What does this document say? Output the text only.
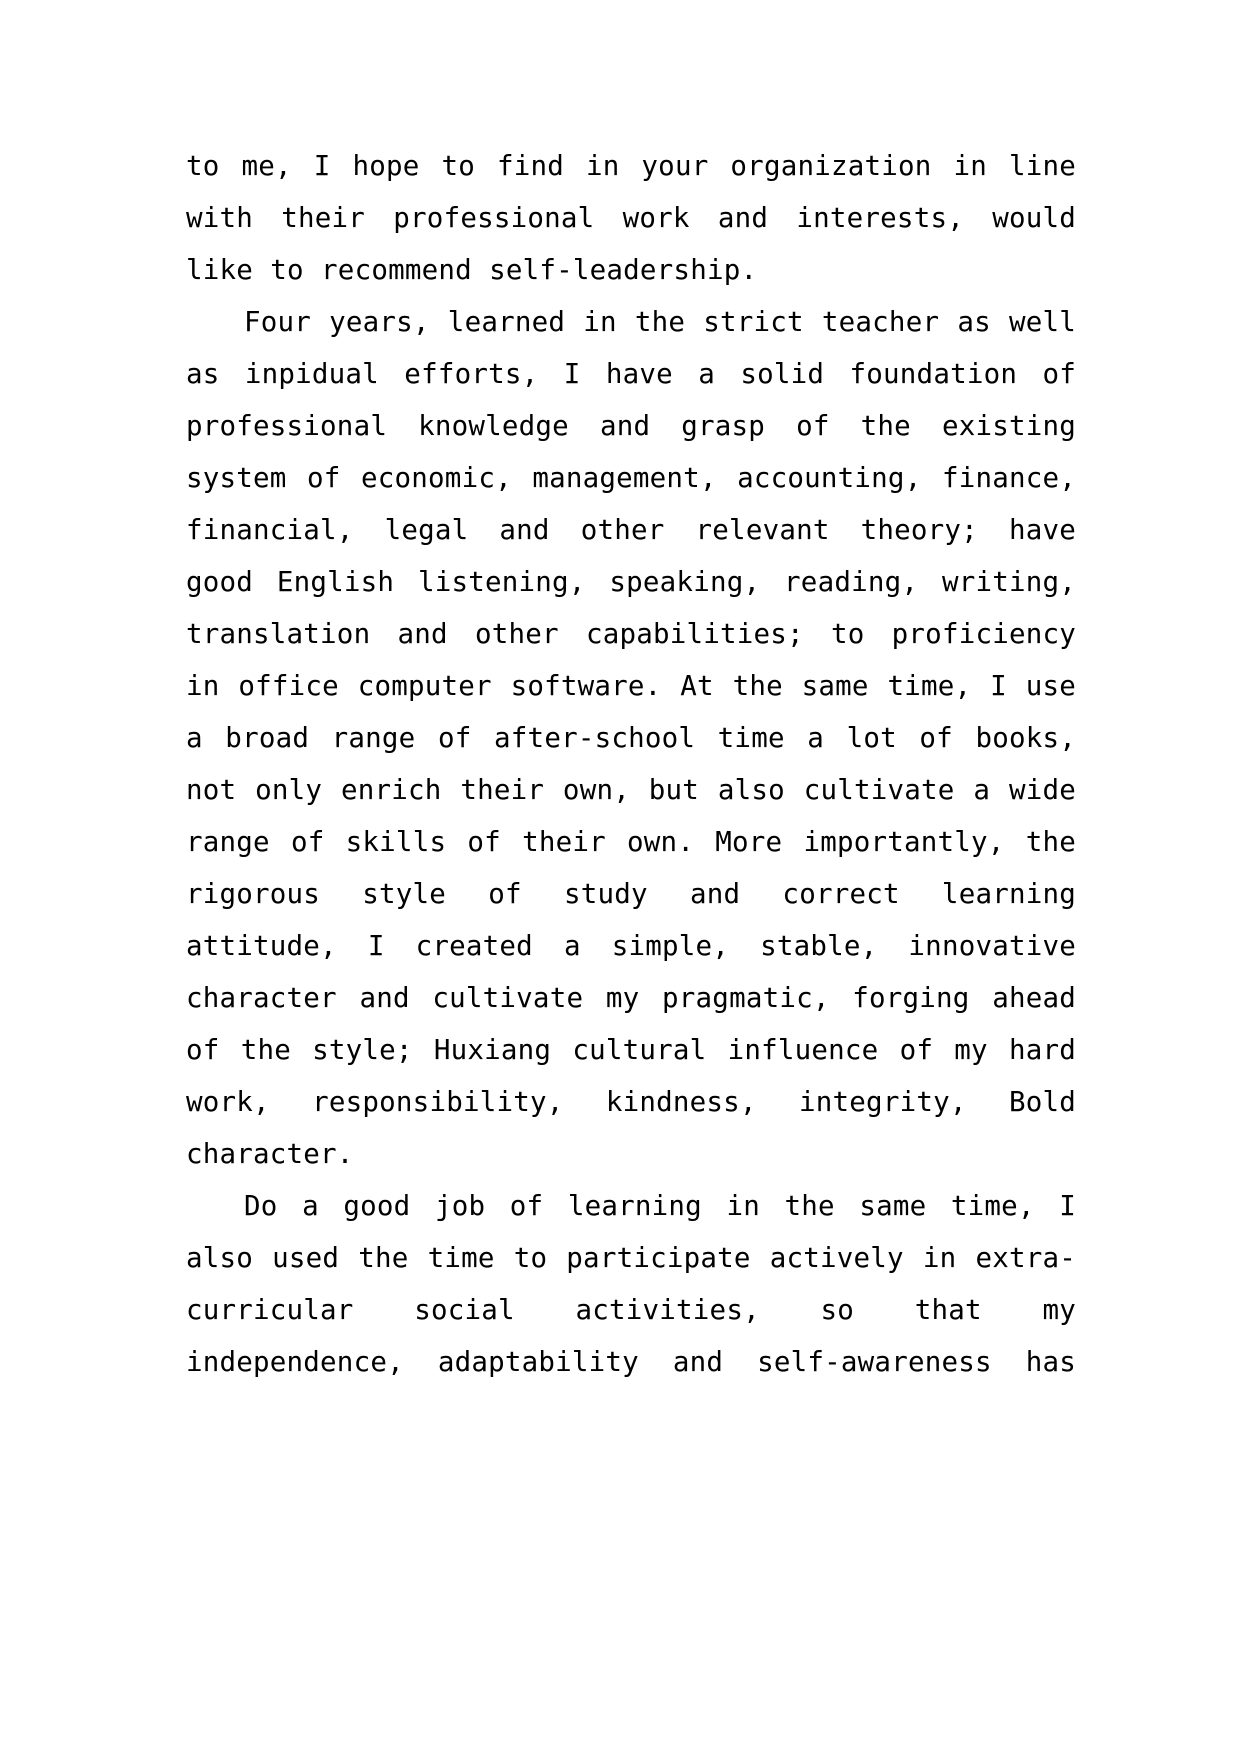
to me, I hope to find in your organization in line with their professional work and interests, would like to recommend self-leadership.

Four years, learned in the strict teacher as well as inpidual efforts, I have a solid foundation of professional knowledge and grasp of the existing system of economic, management, accounting, finance, financial, legal and other relevant theory; have good English listening, speaking, reading, writing, translation and other capabilities; to proficiency in office computer software. At the same time, I use a broad range of after-school time a lot of books, not only enrich their own, but also cultivate a wide range of skills of their own. More importantly, the rigorous style of study and correct learning attitude, I created a simple, stable, innovative character and cultivate my pragmatic, forging ahead of the style; Huxiang cultural influence of my hard work, responsibility, kindness, integrity, Bold character.

Do a good job of learning in the same time, I also used the time to participate actively in extra-curricular social activities, so that my independence, adaptability and self-awareness has
